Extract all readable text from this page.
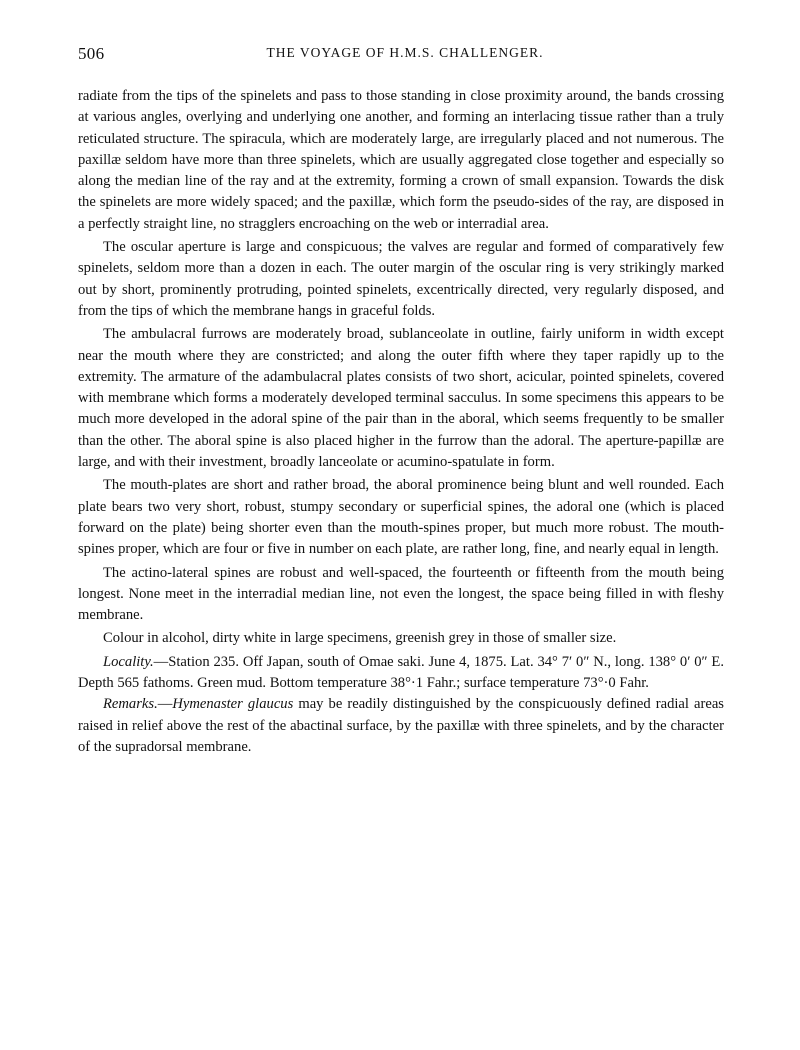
506	THE VOYAGE OF H.M.S. CHALLENGER.

radiate from the tips of the spinelets and pass to those standing in close proximity around, the bands crossing at various angles, overlying and underlying one another, and forming an interlacing tissue rather than a truly reticulated structure. The spiracula, which are moderately large, are irregularly placed and not numerous. The paxillæ seldom have more than three spinelets, which are usually aggregated close together and especially so along the median line of the ray and at the extremity, forming a crown of small expansion. Towards the disk the spinelets are more widely spaced; and the paxillæ, which form the pseudo-sides of the ray, are disposed in a perfectly straight line, no stragglers encroaching on the web or interradial area.

The oscular aperture is large and conspicuous; the valves are regular and formed of comparatively few spinelets, seldom more than a dozen in each. The outer margin of the oscular ring is very strikingly marked out by short, prominently protruding, pointed spinelets, excentrically directed, very regularly disposed, and from the tips of which the membrane hangs in graceful folds.

The ambulacral furrows are moderately broad, sublanceolate in outline, fairly uniform in width except near the mouth where they are constricted; and along the outer fifth where they taper rapidly up to the extremity. The armature of the adambulacral plates consists of two short, acicular, pointed spinelets, covered with membrane which forms a moderately developed terminal sacculus. In some specimens this appears to be much more developed in the adoral spine of the pair than in the aboral, which seems frequently to be smaller than the other. The aboral spine is also placed higher in the furrow than the adoral. The aperture-papillæ are large, and with their investment, broadly lanceolate or acumino-spatulate in form.

The mouth-plates are short and rather broad, the aboral prominence being blunt and well rounded. Each plate bears two very short, robust, stumpy secondary or superficial spines, the adoral one (which is placed forward on the plate) being shorter even than the mouth-spines proper, but much more robust. The mouth-spines proper, which are four or five in number on each plate, are rather long, fine, and nearly equal in length.

The actino-lateral spines are robust and well-spaced, the fourteenth or fifteenth from the mouth being longest. None meet in the interradial median line, not even the longest, the space being filled in with fleshy membrane.

Colour in alcohol, dirty white in large specimens, greenish grey in those of smaller size.

Locality.—Station 235. Off Japan, south of Omae saki. June 4, 1875. Lat. 34° 7′ 0″ N., long. 138° 0′ 0″ E. Depth 565 fathoms. Green mud. Bottom temperature 38°·1 Fahr.; surface temperature 73°·0 Fahr.

Remarks.—Hymenaster glaucus may be readily distinguished by the conspicuously defined radial areas raised in relief above the rest of the abactinal surface, by the paxillæ with three spinelets, and by the character of the supradorsal membrane.
